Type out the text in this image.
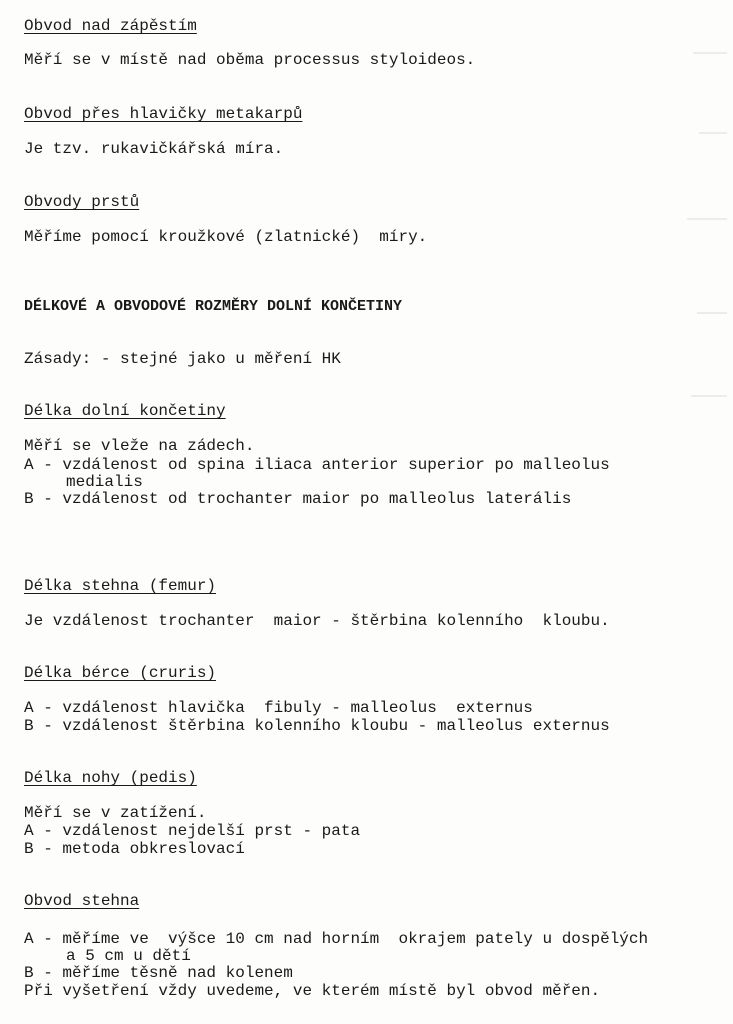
Obvod nad zápěstím
Měří se v místě nad oběma processus styloideos.
Obvod přes hlavičky metakarpů
Je tzv. rukavičkářská míra.
Obvody prstů
Měříme pomocí kroužkové (zlatnické)  míry.
DÉLKOVÉ A OBVODOVÉ ROZMĚRY DOLNÍ KONČETINY
Zásady: - stejné jako u měření HK
Délka dolní končetiny
Měří se vleže na zádech.
A - vzdálenost od spina iliaca anterior superior po malleolus
medialis
B - vzdálenost od trochanter maior po malleolus laterális
Délka stehna (femur)
Je vzdálenost trochanter  maior - štěrbina kolenního  kloubu.
Délka bérce (cruris)
A - vzdálenost hlavička  fibuly - malleolus  externus
B - vzdálenost štěrbina kolenního kloubu - malleolus externus
Délka nohy (pedis)
Měří se v zatížení.
A - vzdálenost nejdelší prst - pata
B - metoda obkreslovací
Obvod stehna
A - měříme ve  výšce 10 cm nad horním  okrajem pately u dospělých
a 5 cm u dětí
B - měříme těsně nad kolenem
Při vyšetření vždy uvedeme, ve kterém místě byl obvod měřen.
